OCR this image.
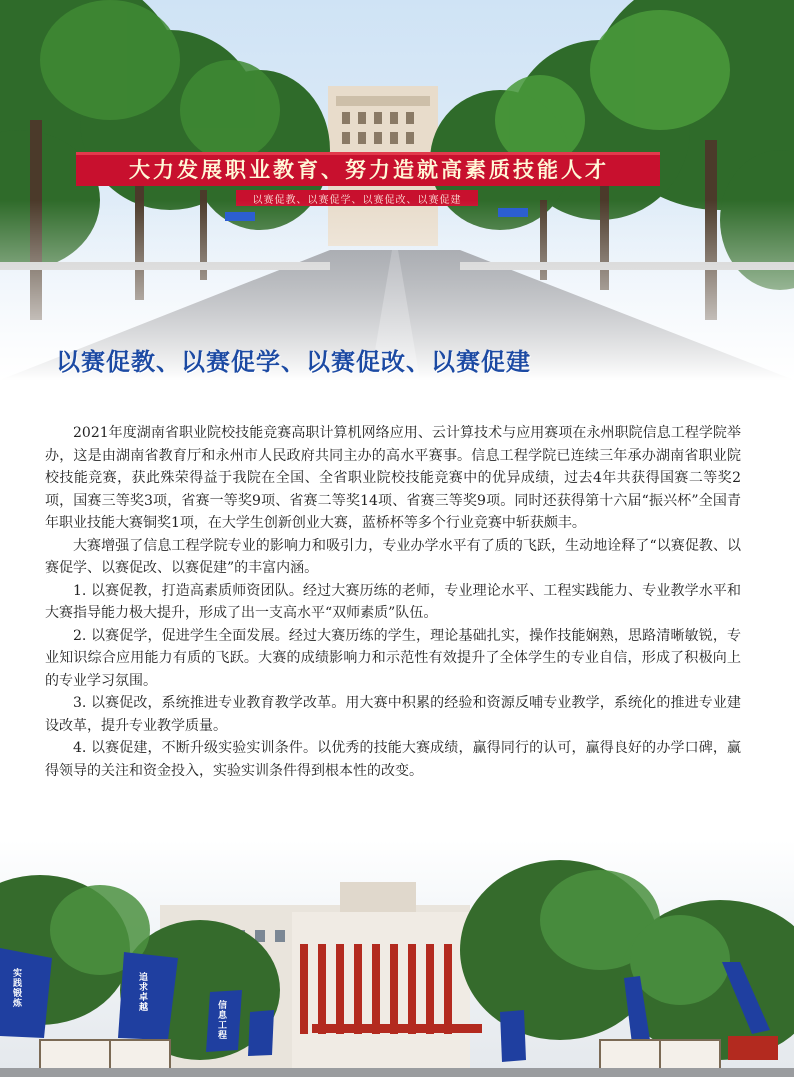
大力发展职业教育、努力造就高素质技能人才
以赛促教、以赛促学、以赛促改、以赛促建
以赛促教、以赛促学、以赛促改、以赛促建

2021年度湖南省职业院校技能竞赛高职计算机网络应用、云计算技术与应用赛项在永州职院信息工程学院举办，这是由湖南省教育厅和永州市人民政府共同主办的高水平赛事。信息工程学院已连续三年承办湖南省职业院校技能竞赛，获此殊荣得益于我院在全国、全省职业院校技能竞赛中的优异成绩，过去4年共获得国赛二等奖2项，国赛三等奖3项，省赛一等奖9项、省赛二等奖14项、省赛三等奖9项。同时还获得第十六届“振兴杯”全国青年职业技能大赛铜奖1项，在大学生创新创业大赛，蓝桥杯等多个行业竞赛中斩获颇丰。

大赛增强了信息工程学院专业的影响力和吸引力，专业办学水平有了质的飞跃，生动地诠释了“以赛促教、以赛促学、以赛促改、以赛促建”的丰富内涵。

1. 以赛促教，打造高素质师资团队。经过大赛历练的老师，专业理论水平、工程实践能力、专业教学水平和大赛指导能力极大提升，形成了出一支高水平“双师素质”队伍。

2. 以赛促学，促进学生全面发展。经过大赛历练的学生，理论基础扎实，操作技能娴熟，思路清晰敏锐，专业知识综合应用能力有质的飞跃。大赛的成绩影响力和示范性有效提升了全体学生的专业自信，形成了积极向上的专业学习氛围。

3. 以赛促改，系统推进专业教育教学改革。用大赛中积累的经验和资源反哺专业教学，系统化的推进专业建设改革，提升专业教学质量。

4. 以赛促建，不断升级实验实训条件。以优秀的技能大赛成绩，赢得同行的认可，赢得良好的办学口碑，赢得领导的关注和资金投入，实验实训条件得到根本性的改变。

实践锻炼	追求卓越
信息工程
